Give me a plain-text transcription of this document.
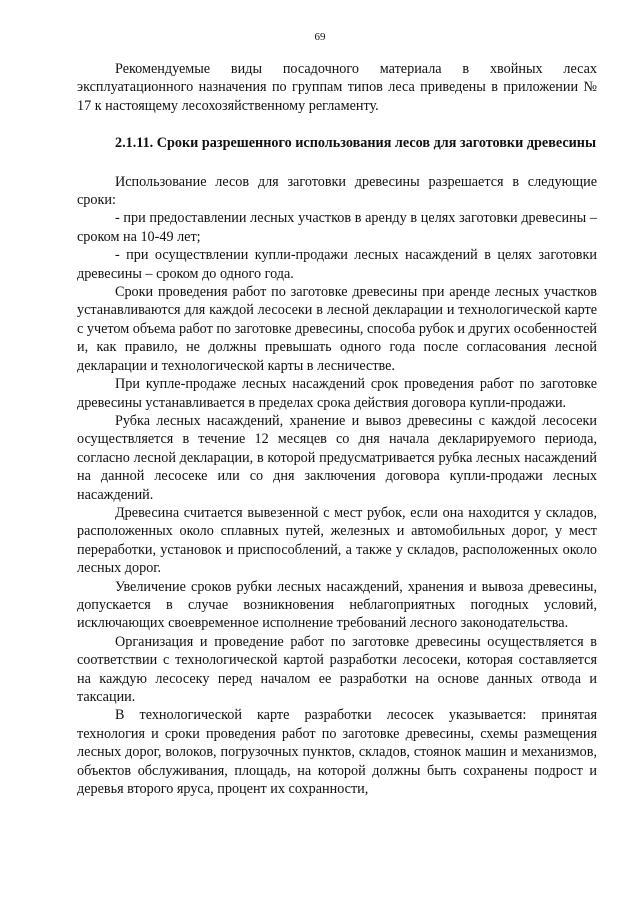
69

Рекомендуемые виды посадочного материала в хвойных лесах эксплуатационного назначения по группам типов леса приведены в приложении № 17 к настоящему лесохозяйственному регламенту.

2.1.11. Сроки разрешенного использования лесов для заготовки древесины

Использование лесов для заготовки древесины разрешается в следующие сроки:

- при предоставлении лесных участков в аренду в целях заготовки древесины – сроком на 10-49 лет;

- при осуществлении купли-продажи лесных насаждений в целях заготовки древесины – сроком до одного года.

Сроки проведения работ по заготовке древесины при аренде лесных участков устанавливаются для каждой лесосеки в лесной декларации и технологической карте с учетом объема работ по заготовке древесины, способа рубок и других особенностей и, как правило, не должны превышать одного года после согласования лесной декларации и технологической карты в лесничестве.

При купле-продаже лесных насаждений срок проведения работ по заготовке древесины устанавливается в пределах срока действия договора купли-продажи.

Рубка лесных насаждений, хранение и вывоз древесины с каждой лесосеки осуществляется в течение 12 месяцев со дня начала декларируемого периода, согласно лесной декларации, в которой предусматривается рубка лесных насаждений на данной лесосеке или со дня заключения договора купли-продажи лесных насаждений.

Древесина считается вывезенной с мест рубок, если она находится у складов, расположенных около сплавных путей, железных и автомобильных дорог, у мест переработки, установок и приспособлений, а также у складов, расположенных около лесных дорог.

Увеличение сроков рубки лесных насаждений, хранения и вывоза древесины, допускается в случае возникновения неблагоприятных погодных условий, исключающих своевременное исполнение требований лесного законодательства.

Организация и проведение работ по заготовке древесины осуществляется в соответствии с технологической картой разработки лесосеки, которая составляется на каждую лесосеку перед началом ее разработки на основе данных отвода и таксации.

В технологической карте разработки лесосек указывается: принятая технология и сроки проведения работ по заготовке древесины, схемы размещения лесных дорог, волоков, погрузочных пунктов, складов, стоянок машин и механизмов, объектов обслуживания, площадь, на которой должны быть сохранены подрост и деревья второго яруса, процент их сохранности,
